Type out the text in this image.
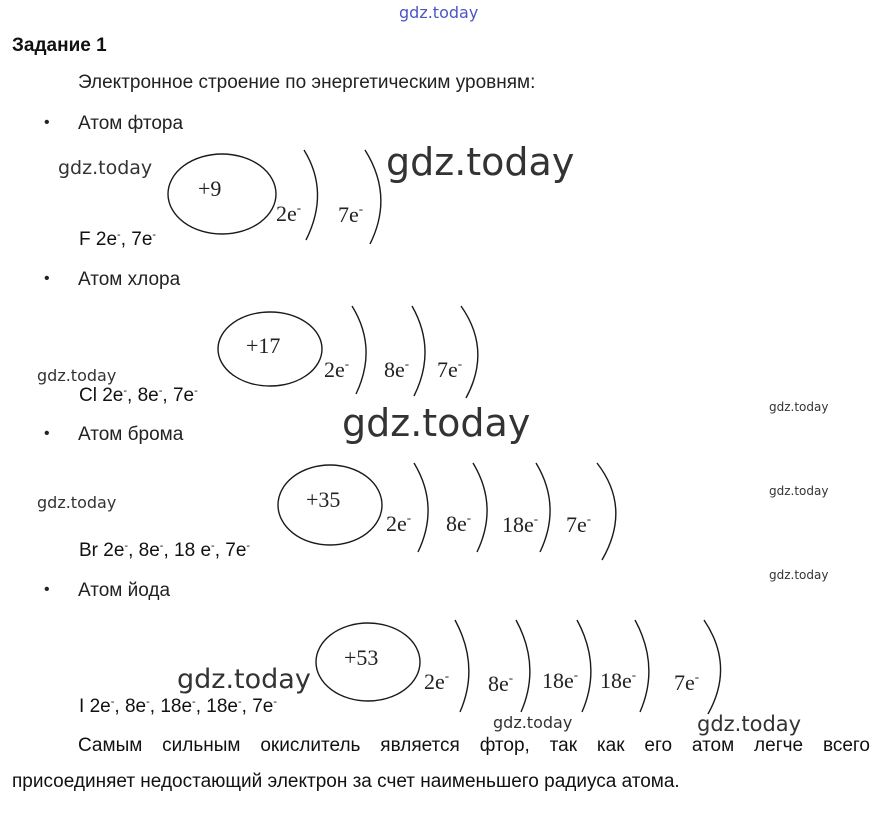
gdz.today
Задание 1
Электронное строение по энергетическим уровням:
• Атом фтора
gdz.today
+9
2e- 7e-
gdz.today
F 2e-, 7e-
• Атом хлора
+17
2e- 8e- 7e-
gdz.today
Cl 2e-, 8e-, 7e-
gdz.today	gdz.today
• Атом брома
gdz.today
gdz.today
+35
2e- 8e- 18e- 7e-
Br 2e-, 8e-, 18 e-, 7e-
gdz.today
• Атом йода
+53
gdz.today	2e- 8e- 18e- 18e- 7e-
I 2e-, 8e-, 18e-, 18e-, 7e-
gdz.today	gdz.today
Самым сильным окислитель является фтор, так как его атом легче всего
присоединяет недостающий электрон за счет наименьшего радиуса атома.
